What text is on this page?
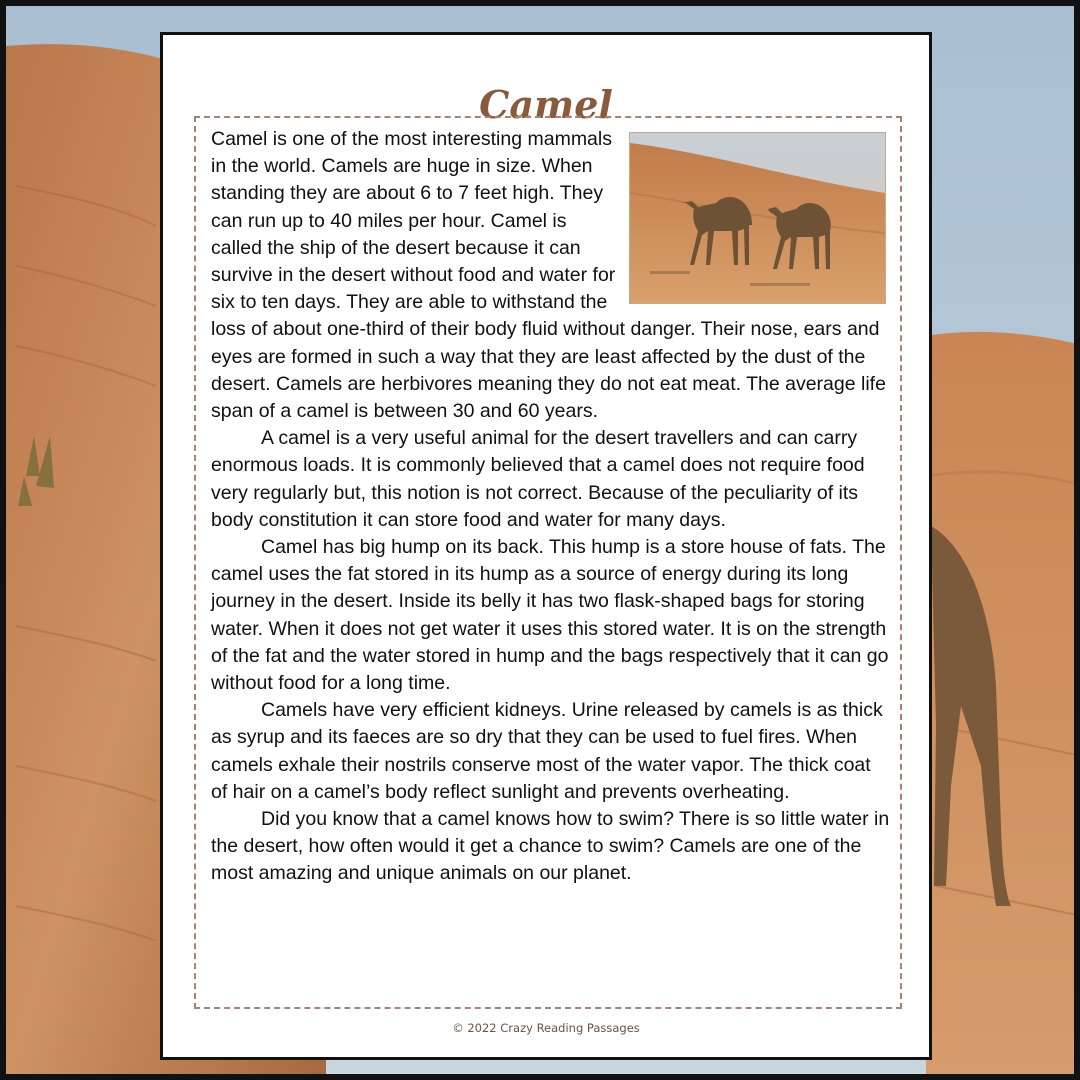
Camel

Camel is one of the most interesting mammals in the world. Camels are huge in size. When standing they are about 6 to 7 feet high. They can run up to 40 miles per hour. Camel is called the ship of the desert because it can survive in the desert without food and water for six to ten days. They are able to withstand the loss of about one-third of their body fluid without danger. Their nose, ears and eyes are formed in such a way that they are least affected by the dust of the desert. Camels are herbivores meaning they do not eat meat. The average life span of a camel is between 30 and 60 years.

A camel is a very useful animal for the desert travellers and can carry enormous loads. It is commonly believed that a camel does not require food very regularly but, this notion is not correct. Because of the peculiarity of its body constitution it can store food and water for many days.

Camel has big hump on its back. This hump is a store house of fats. The camel uses the fat stored in its hump as a source of energy during its long journey in the desert. Inside its belly it has two flask-shaped bags for storing water. When it does not get water it uses this stored water. It is on the strength of the fat and the water stored in hump and the bags respectively that it can go without food for a long time.

Camels have very efficient kidneys. Urine released by camels is as thick as syrup and its faeces are so dry that they can be used to fuel fires. When camels exhale their nostrils conserve most of the water vapor. The thick coat of hair on a camel’s body reflect sunlight and prevents overheating.

Did you know that a camel knows how to swim? There is so little water in the desert, how often would it get a chance to swim? Camels are one of the most amazing and unique animals on our planet.

© 2022 Crazy Reading Passages
